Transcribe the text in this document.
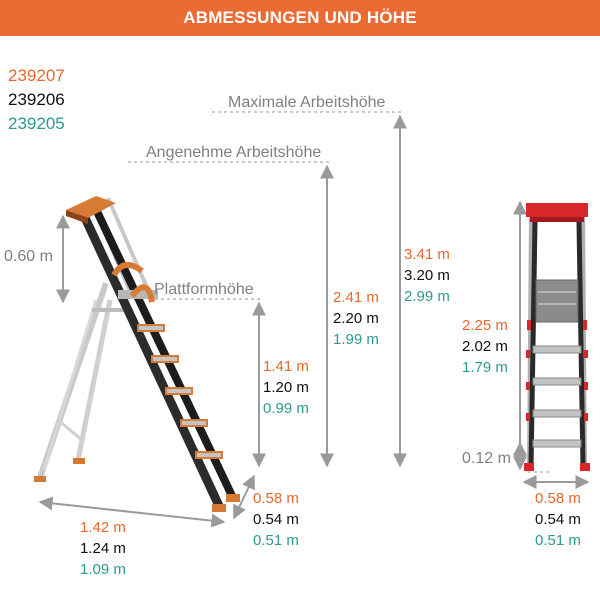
ABMESSUNGEN UND HÖHE
239207
239206
239205
Maximale Arbeitshöhe
Angenehme Arbeitshöhe
Plattformhöhe
0.60 m
0.12 m
3.41 m
3.20 m
2.99 m
2.41 m
2.20 m
1.99 m
1.41 m
1.20 m
0.99 m
0.58 m
0.54 m
0.51 m
1.42 m
1.24 m
1.09 m
2.25 m
2.02 m
1.79 m
0.58 m
0.54 m
0.51 m
